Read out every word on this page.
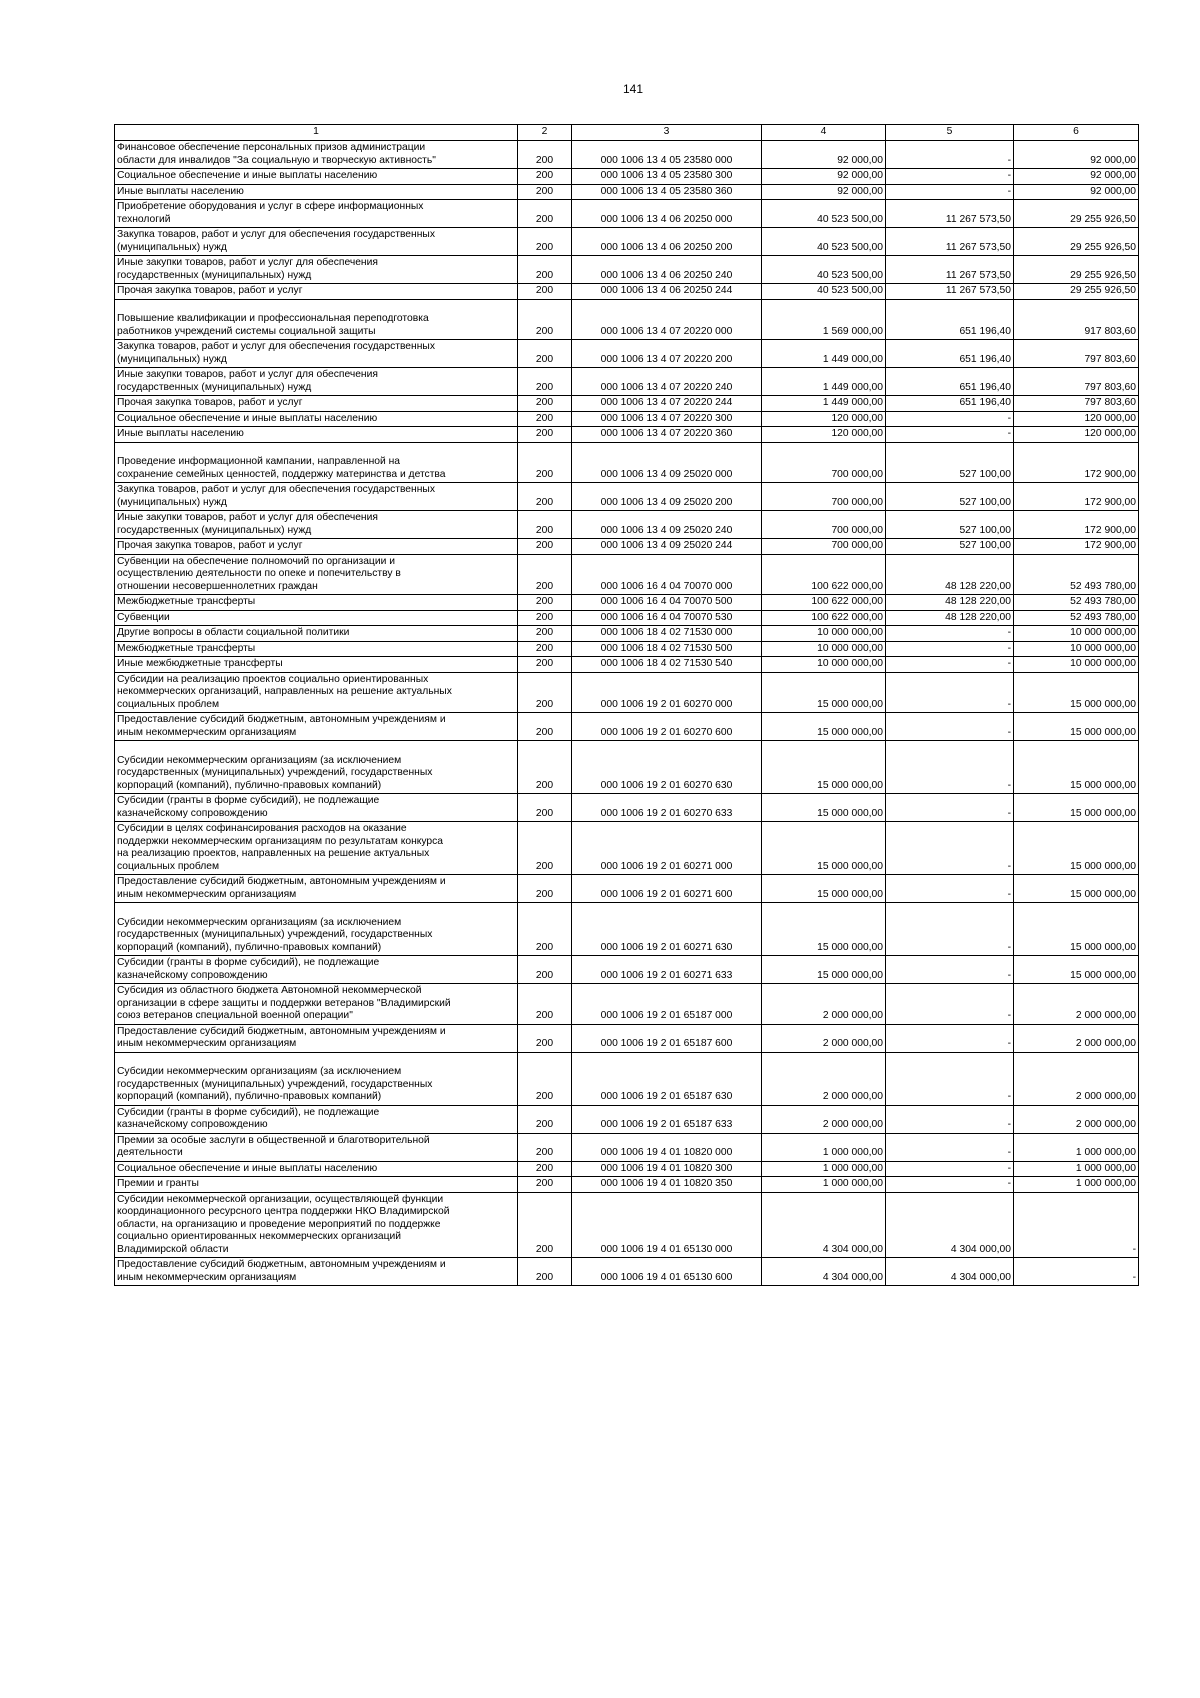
141
1	2	3	4	5	6
Финансовое обеспечение персональных призов администрации
области для инвалидов "За социальную и творческую активность"	200	000 1006 13 4 05 23580 000	92 000,00	-	92 000,00
Социальное обеспечение и иные выплаты населению	200	000 1006 13 4 05 23580 300	92 000,00	-	92 000,00
Иные выплаты населению	200	000 1006 13 4 05 23580 360	92 000,00	-	92 000,00
Приобретение оборудования и услуг в сфере информационных
технологий	200	000 1006 13 4 06 20250 000	40 523 500,00	11 267 573,50	29 255 926,50
Закупка товаров, работ и услуг для обеспечения государственных
(муниципальных) нужд	200	000 1006 13 4 06 20250 200	40 523 500,00	11 267 573,50	29 255 926,50
Иные закупки товаров, работ и услуг для обеспечения
государственных (муниципальных) нужд	200	000 1006 13 4 06 20250 240	40 523 500,00	11 267 573,50	29 255 926,50
Прочая закупка товаров, работ и услуг	200	000 1006 13 4 06 20250 244	40 523 500,00	11 267 573,50	29 255 926,50

Повышение квалификации и профессиональная переподготовка
работников учреждений системы социальной защиты	200	000 1006 13 4 07 20220 000	1 569 000,00	651 196,40	917 803,60
Закупка товаров, работ и услуг для обеспечения государственных
(муниципальных) нужд	200	000 1006 13 4 07 20220 200	1 449 000,00	651 196,40	797 803,60
Иные закупки товаров, работ и услуг для обеспечения
государственных (муниципальных) нужд	200	000 1006 13 4 07 20220 240	1 449 000,00	651 196,40	797 803,60
Прочая закупка товаров, работ и услуг	200	000 1006 13 4 07 20220 244	1 449 000,00	651 196,40	797 803,60
Социальное обеспечение и иные выплаты населению	200	000 1006 13 4 07 20220 300	120 000,00	-	120 000,00
Иные выплаты населению	200	000 1006 13 4 07 20220 360	120 000,00	-	120 000,00

Проведение информационной кампании, направленной на
сохранение семейных ценностей, поддержку материнства и детства	200	000 1006 13 4 09 25020 000	700 000,00	527 100,00	172 900,00
Закупка товаров, работ и услуг для обеспечения государственных
(муниципальных) нужд	200	000 1006 13 4 09 25020 200	700 000,00	527 100,00	172 900,00
Иные закупки товаров, работ и услуг для обеспечения
государственных (муниципальных) нужд	200	000 1006 13 4 09 25020 240	700 000,00	527 100,00	172 900,00
Прочая закупка товаров, работ и услуг	200	000 1006 13 4 09 25020 244	700 000,00	527 100,00	172 900,00
Субвенции на обеспечение полномочий по организации и
осуществлению деятельности по опеке и попечительству в
отношении несовершеннолетних граждан	200	000 1006 16 4 04 70070 000	100 622 000,00	48 128 220,00	52 493 780,00
Межбюджетные трансферты	200	000 1006 16 4 04 70070 500	100 622 000,00	48 128 220,00	52 493 780,00
Субвенции	200	000 1006 16 4 04 70070 530	100 622 000,00	48 128 220,00	52 493 780,00
Другие вопросы в области социальной политики	200	000 1006 18 4 02 71530 000	10 000 000,00	-	10 000 000,00
Межбюджетные трансферты	200	000 1006 18 4 02 71530 500	10 000 000,00	-	10 000 000,00
Иные межбюджетные трансферты	200	000 1006 18 4 02 71530 540	10 000 000,00	-	10 000 000,00
Субсидии на реализацию проектов социально ориентированных
некоммерческих организаций, направленных на решение актуальных
социальных проблем	200	000 1006 19 2 01 60270 000	15 000 000,00	-	15 000 000,00
Предоставление субсидий бюджетным, автономным учреждениям и
иным некоммерческим организациям	200	000 1006 19 2 01 60270 600	15 000 000,00	-	15 000 000,00

Субсидии некоммерческим организациям (за исключением
государственных (муниципальных) учреждений, государственных
корпораций (компаний), публично-правовых компаний)	200	000 1006 19 2 01 60270 630	15 000 000,00	-	15 000 000,00
Субсидии (гранты в форме субсидий), не подлежащие
казначейскому сопровождению	200	000 1006 19 2 01 60270 633	15 000 000,00	-	15 000 000,00
Субсидии в целях софинансирования расходов на оказание
поддержки некоммерческим организациям по результатам конкурса
на реализацию проектов, направленных на решение актуальных
социальных проблем	200	000 1006 19 2 01 60271 000	15 000 000,00	-	15 000 000,00
Предоставление субсидий бюджетным, автономным учреждениям и
иным некоммерческим организациям	200	000 1006 19 2 01 60271 600	15 000 000,00	-	15 000 000,00

Субсидии некоммерческим организациям (за исключением
государственных (муниципальных) учреждений, государственных
корпораций (компаний), публично-правовых компаний)	200	000 1006 19 2 01 60271 630	15 000 000,00	-	15 000 000,00
Субсидии (гранты в форме субсидий), не подлежащие
казначейскому сопровождению	200	000 1006 19 2 01 60271 633	15 000 000,00	-	15 000 000,00
Субсидия из областного бюджета Автономной некоммерческой
организации в сфере защиты и поддержки ветеранов "Владимирский
союз ветеранов специальной военной операции"	200	000 1006 19 2 01 65187 000	2 000 000,00	-	2 000 000,00
Предоставление субсидий бюджетным, автономным учреждениям и
иным некоммерческим организациям	200	000 1006 19 2 01 65187 600	2 000 000,00	-	2 000 000,00

Субсидии некоммерческим организациям (за исключением
государственных (муниципальных) учреждений, государственных
корпораций (компаний), публично-правовых компаний)	200	000 1006 19 2 01 65187 630	2 000 000,00	-	2 000 000,00
Субсидии (гранты в форме субсидий), не подлежащие
казначейскому сопровождению	200	000 1006 19 2 01 65187 633	2 000 000,00	-	2 000 000,00
Премии за особые заслуги в общественной и благотворительной
деятельности	200	000 1006 19 4 01 10820 000	1 000 000,00	-	1 000 000,00
Социальное обеспечение и иные выплаты населению	200	000 1006 19 4 01 10820 300	1 000 000,00	-	1 000 000,00
Премии и гранты	200	000 1006 19 4 01 10820 350	1 000 000,00	-	1 000 000,00
Субсидии некоммерческой организации, осуществляющей функции
координационного ресурсного центра поддержки НКО Владимирской
области, на организацию и проведение мероприятий по поддержке
социально ориентированных некоммерческих организаций
Владимирской области	200	000 1006 19 4 01 65130 000	4 304 000,00	4 304 000,00	-
Предоставление субсидий бюджетным, автономным учреждениям и
иным некоммерческим организациям	200	000 1006 19 4 01 65130 600	4 304 000,00	4 304 000,00	-
